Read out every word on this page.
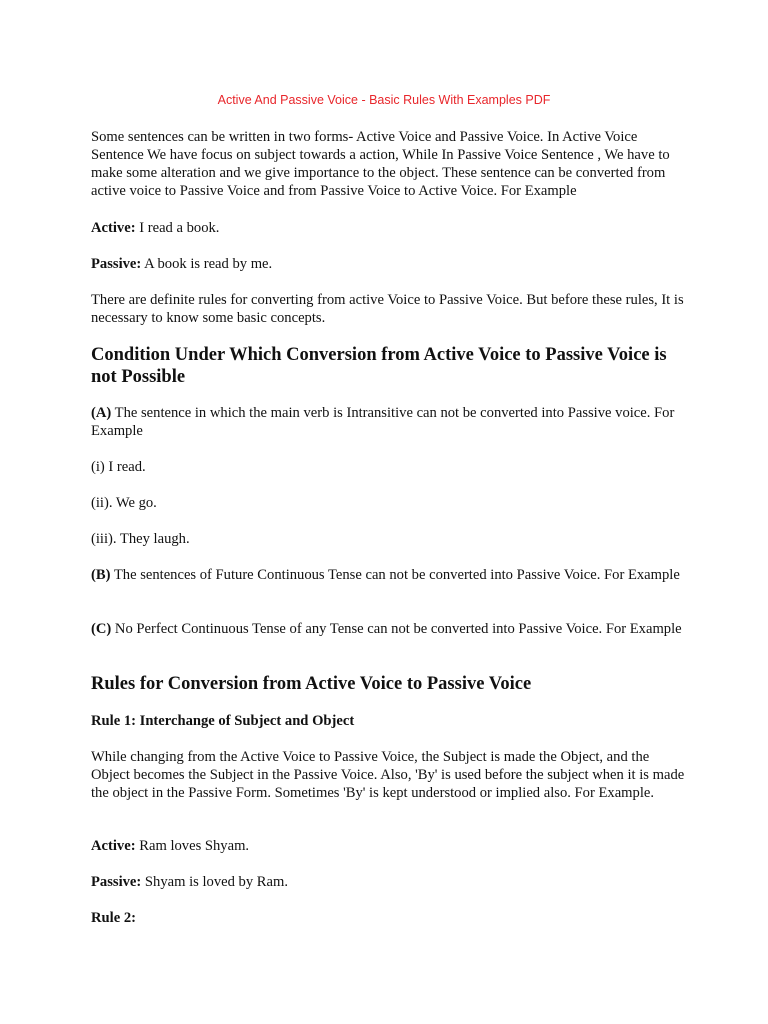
Active And Passive Voice - Basic Rules With Examples PDF

Some sentences can be written in two forms- Active Voice and Passive Voice. In Active Voice Sentence We have focus on subject towards a action, While In Passive Voice Sentence , We have to make some alteration and we give importance to the object. These sentence can be converted from active voice to Passive Voice and from Passive Voice to Active Voice. For Example

Active: I read a book.

Passive: A book is read by me.

There are definite rules for converting from active Voice to Passive Voice. But before these rules, It is necessary to know some basic concepts.

Condition Under Which Conversion from Active Voice to Passive Voice is not Possible

(A) The sentence in which the main verb is Intransitive can not be converted into Passive voice. For Example

(i) I read.

(ii). We go.

(iii). They laugh.

(B) The sentences of Future Continuous Tense can not be converted into Passive Voice. For Example

(C) No Perfect Continuous Tense of any Tense can not be converted into Passive Voice. For Example

Rules for Conversion from Active Voice to Passive Voice
Rule 1: Interchange of Subject and Object

While changing from the Active Voice to Passive Voice, the Subject is made the Object, and the Object becomes the Subject in the Passive Voice. Also, 'By' is used before the subject when it is made the object in the Passive Form. Sometimes 'By' is kept understood or implied also. For Example.

Active: Ram loves Shyam.

Passive: Shyam is loved by Ram.

Rule 2:
